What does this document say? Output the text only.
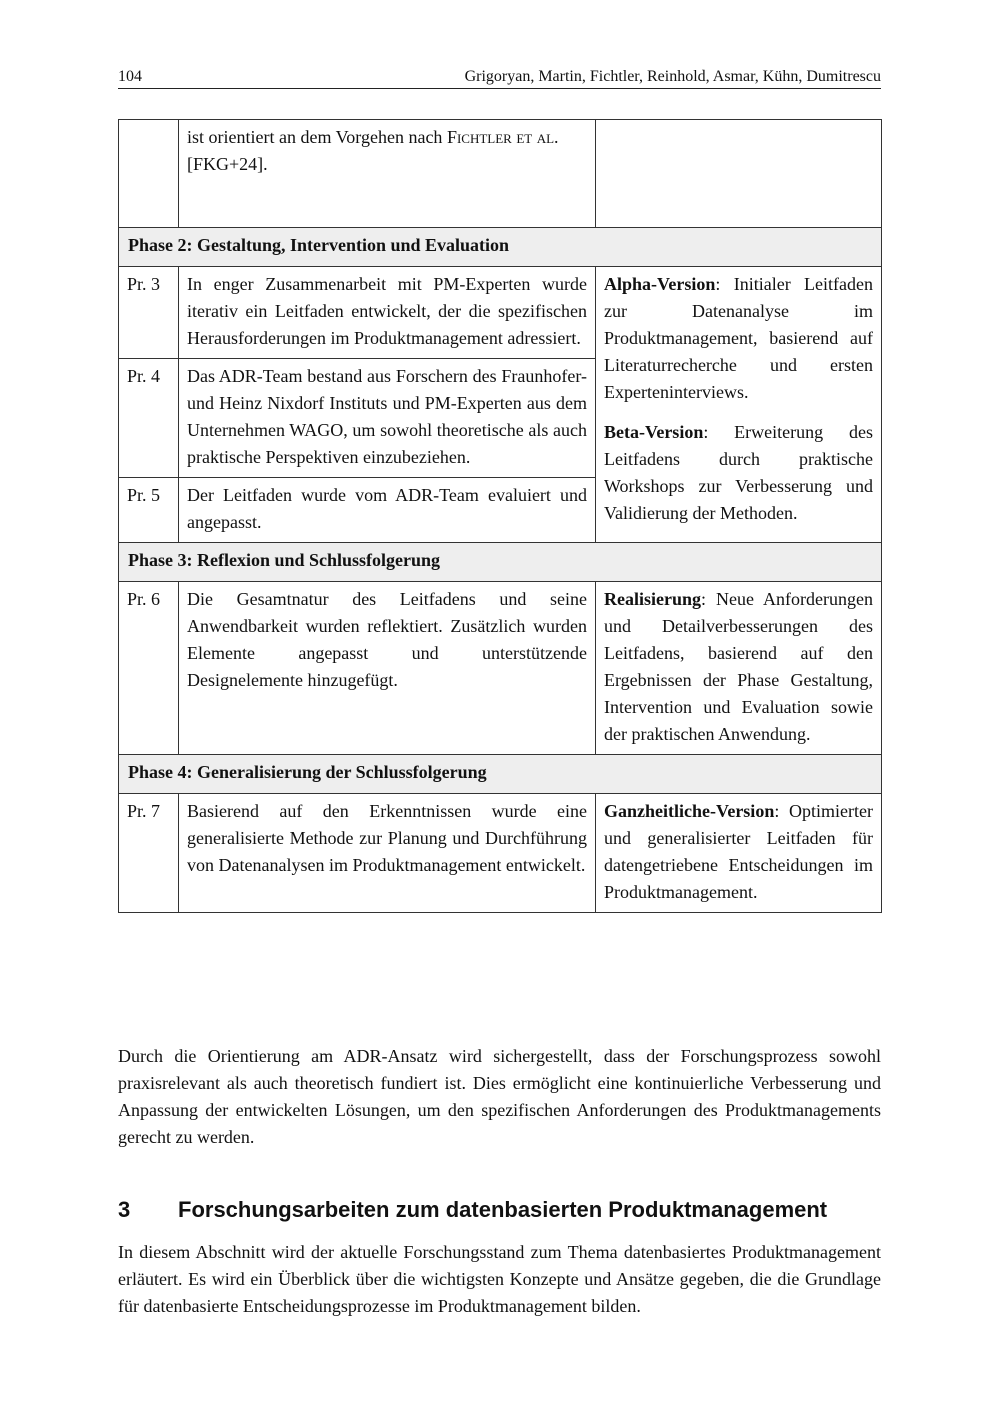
104	Grigoryan, Martin, Fichtler, Reinhold, Asmar, Kühn, Dumitrescu
	ist orientiert an dem Vorgehen nach Fichtler et al. [FKG+24].	
Phase 2: Gestaltung, Intervention und Evaluation		
Pr. 3	In enger Zusammenarbeit mit PM-Experten wurde iterativ ein Leitfaden entwickelt, der die spezifischen Herausforderungen im Produktmanagement adressiert.	Alpha-Version: Initialer Leitfaden zur Datenanalyse im Produktmanagement, basierend auf Literaturrecherche und ersten Experteninterviews.
Beta-Version: Erweiterung des Leitfadens durch praktische Workshops zur Verbesserung und Validierung der Methoden.

Pr. 4	Das ADR-Team bestand aus Forschern des Fraunhofer- und Heinz Nixdorf Instituts und PM-Experten aus dem Unternehmen WAGO, um sowohl theoretische als auch praktische Perspektiven einzubeziehen.	
Pr. 5	Der Leitfaden wurde vom ADR-Team evaluiert und angepasst.	
Phase 3: Reflexion und Schlussfolgerung		
Pr. 6	Die Gesamtnatur des Leitfadens und seine Anwendbarkeit wurden reflektiert. Zusätzlich wurden Elemente angepasst und unterstützende Designelemente hinzugefügt.	Realisierung: Neue Anforderungen und Detailverbesserungen des Leitfadens, basierend auf den Ergebnissen der Phase Gestaltung, Intervention und Evaluation sowie der praktischen Anwendung.
Phase 4: Generalisierung der Schlussfolgerung		
Pr. 7	Basierend auf den Erkenntnissen wurde eine generalisierte Methode zur Planung und Durchführung von Datenanalysen im Produktmanagement entwickelt.	Ganzheitliche-Version: Optimierter und generalisierter Leitfaden für datengetriebene Entscheidungen im Produktmanagement.

Durch die Orientierung am ADR-Ansatz wird sichergestellt, dass der Forschungsprozess sowohl praxisrelevant als auch theoretisch fundiert ist. Dies ermöglicht eine kontinuierliche Verbesserung und Anpassung der entwickelten Lösungen, um den spezifischen Anforderungen des Produktmanagements gerecht zu werden.

3 Forschungsarbeiten zum datenbasierten Produktmanagement

In diesem Abschnitt wird der aktuelle Forschungsstand zum Thema datenbasiertes Produktmanagement erläutert. Es wird ein Überblick über die wichtigsten Konzepte und Ansätze gegeben, die die Grundlage für datenbasierte Entscheidungsprozesse im Produktmanagement bilden.
